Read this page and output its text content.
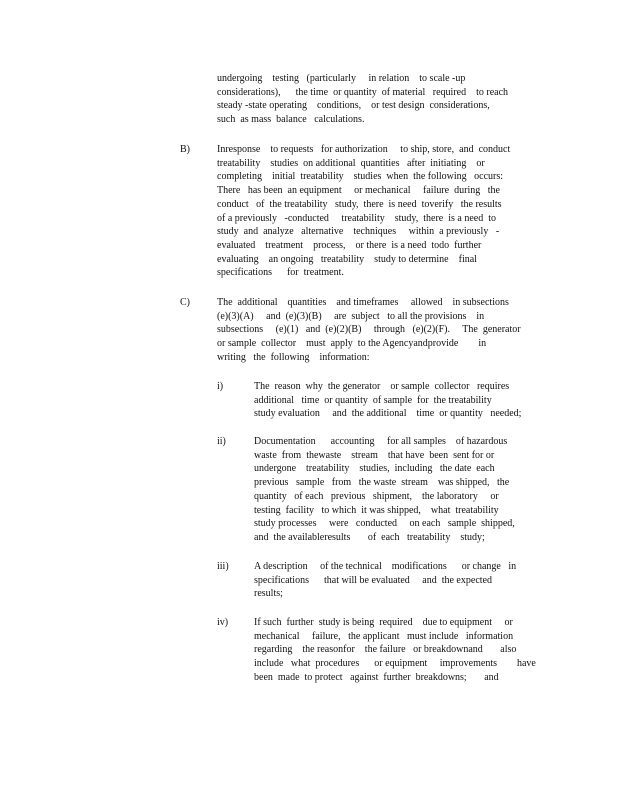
undergoing    testing   (particularly     in relation    to scale -up
considerations),      the time  or quantity  of material   required    to reach
steady -state operating    conditions,    or test design  considerations,
such  as mass  balance   calculations.
B)	Inresponse    to requests   for authorization     to ship, store,  and  conduct
treatability    studies  on additional  quantities   after  initiating    or
completing    initial  treatability    studies  when  the following   occurs:
There   has been  an equipment     or mechanical     failure  during   the
conduct   of  the treatability   study,  there  is need  toverify   the results
of a previously   -conducted     treatability    study,  there  is a need  to
study  and  analyze   alternative    techniques     within  a previously   -
evaluated    treatment    process,    or there  is a need  todo  further
evaluating    an ongoing   treatability    study to determine    final
specifications      for  treatment.
C)	The  additional    quantities    and timeframes     allowed    in subsections
(e)(3)(A)     and  (e)(3)(B)     are  subject   to all the provisions    in
subsections     (e)(1)   and  (e)(2)(B)     through   (e)(2)(F).     The  generator
or sample  collector    must  apply  to the Agencyandprovide        in
writing   the  following    information:
i)	The  reason  why  the generator    or sample  collector   requires
additional   time  or quantity  of sample  for  the treatability
study evaluation     and  the additional    time  or quantity   needed;
ii)	Documentation      accounting     for all samples    of hazardous
waste  from  thewaste    stream    that have  been  sent for or
undergone    treatability    studies,  including   the date  each
previous   sample   from   the waste  stream    was shipped,   the
quantity   of each   previous   shipment,    the laboratory     or
testing  facility   to which  it was shipped,    what  treatability
study processes     were   conducted     on each   sample  shipped,
and  the availableresults       of  each   treatability    study;
iii)	A description     of the technical    modifications      or change   in
specifications      that will be evaluated     and  the expected
results;
iv)	If such  further  study is being  required    due to equipment     or
mechanical     failure,   the applicant   must include   information
regarding    the reasonfor    the failure   or breakdownand       also
include   what  procedures      or equipment     improvements        have
been  made  to protect   against  further  breakdowns;       and
